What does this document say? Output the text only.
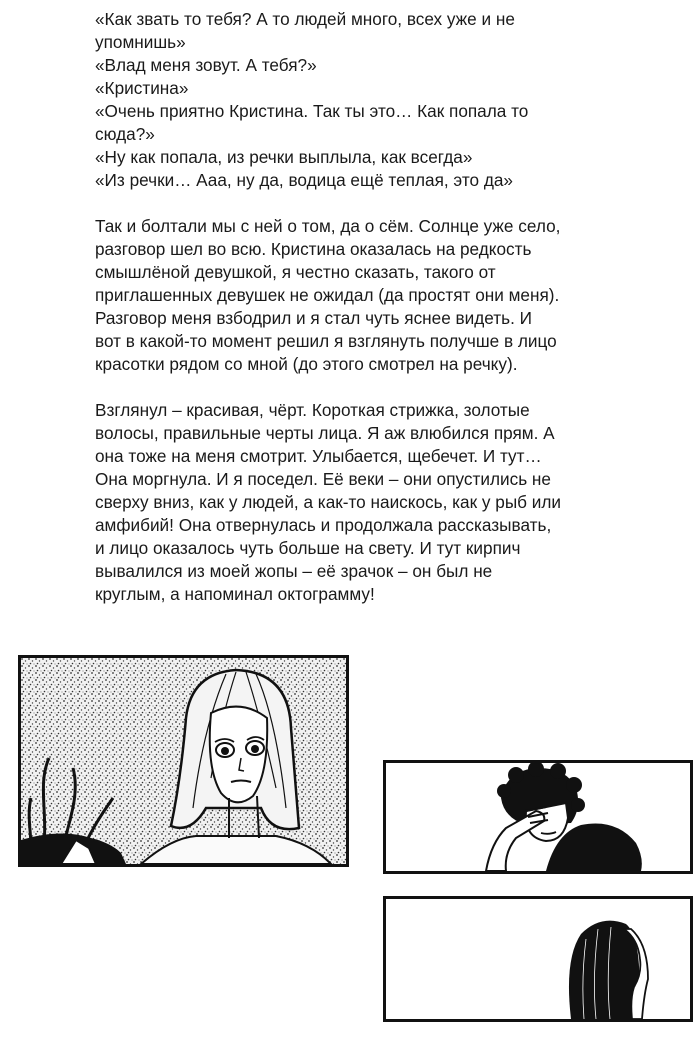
«Как звать то тебя? А то людей много, всех уже и не
упомнишь»
«Влад меня зовут. А тебя?»
«Кристина»
«Очень приятно Кристина. Так ты это… Как попала то
сюда?»
«Ну как попала, из речки выплыла, как всегда»
«Из речки… Ааа, ну да, водица ещё теплая, это да»
Так и болтали мы с ней о том, да о сём. Солнце уже село,
разговор шел во всю. Кристина оказалась на редкость
смышлёной девушкой, я честно сказать, такого от
приглашенных девушек не ожидал (да простят они меня).
Разговор меня взбодрил и я стал чуть яснее видеть. И
вот в какой-то момент решил я взглянуть получше в лицо
красотки рядом со мной (до этого смотрел на речку).
Взглянул – красивая, чёрт. Короткая стрижка, золотые
волосы, правильные черты лица. Я аж влюбился прям. А
она тоже на меня смотрит. Улыбается, щебечет. И тут…
Она моргнула. И я поседел. Её веки – они опустились не
сверху вниз, как у людей, а как-то наискось, как у рыб или
амфибий! Она отвернулась и продолжала рассказывать,
и лицо оказалось чуть больше на свету. И тут кирпич
вывалился из моей жопы – её зрачок – он был не
круглым, а напоминал октограмму!
